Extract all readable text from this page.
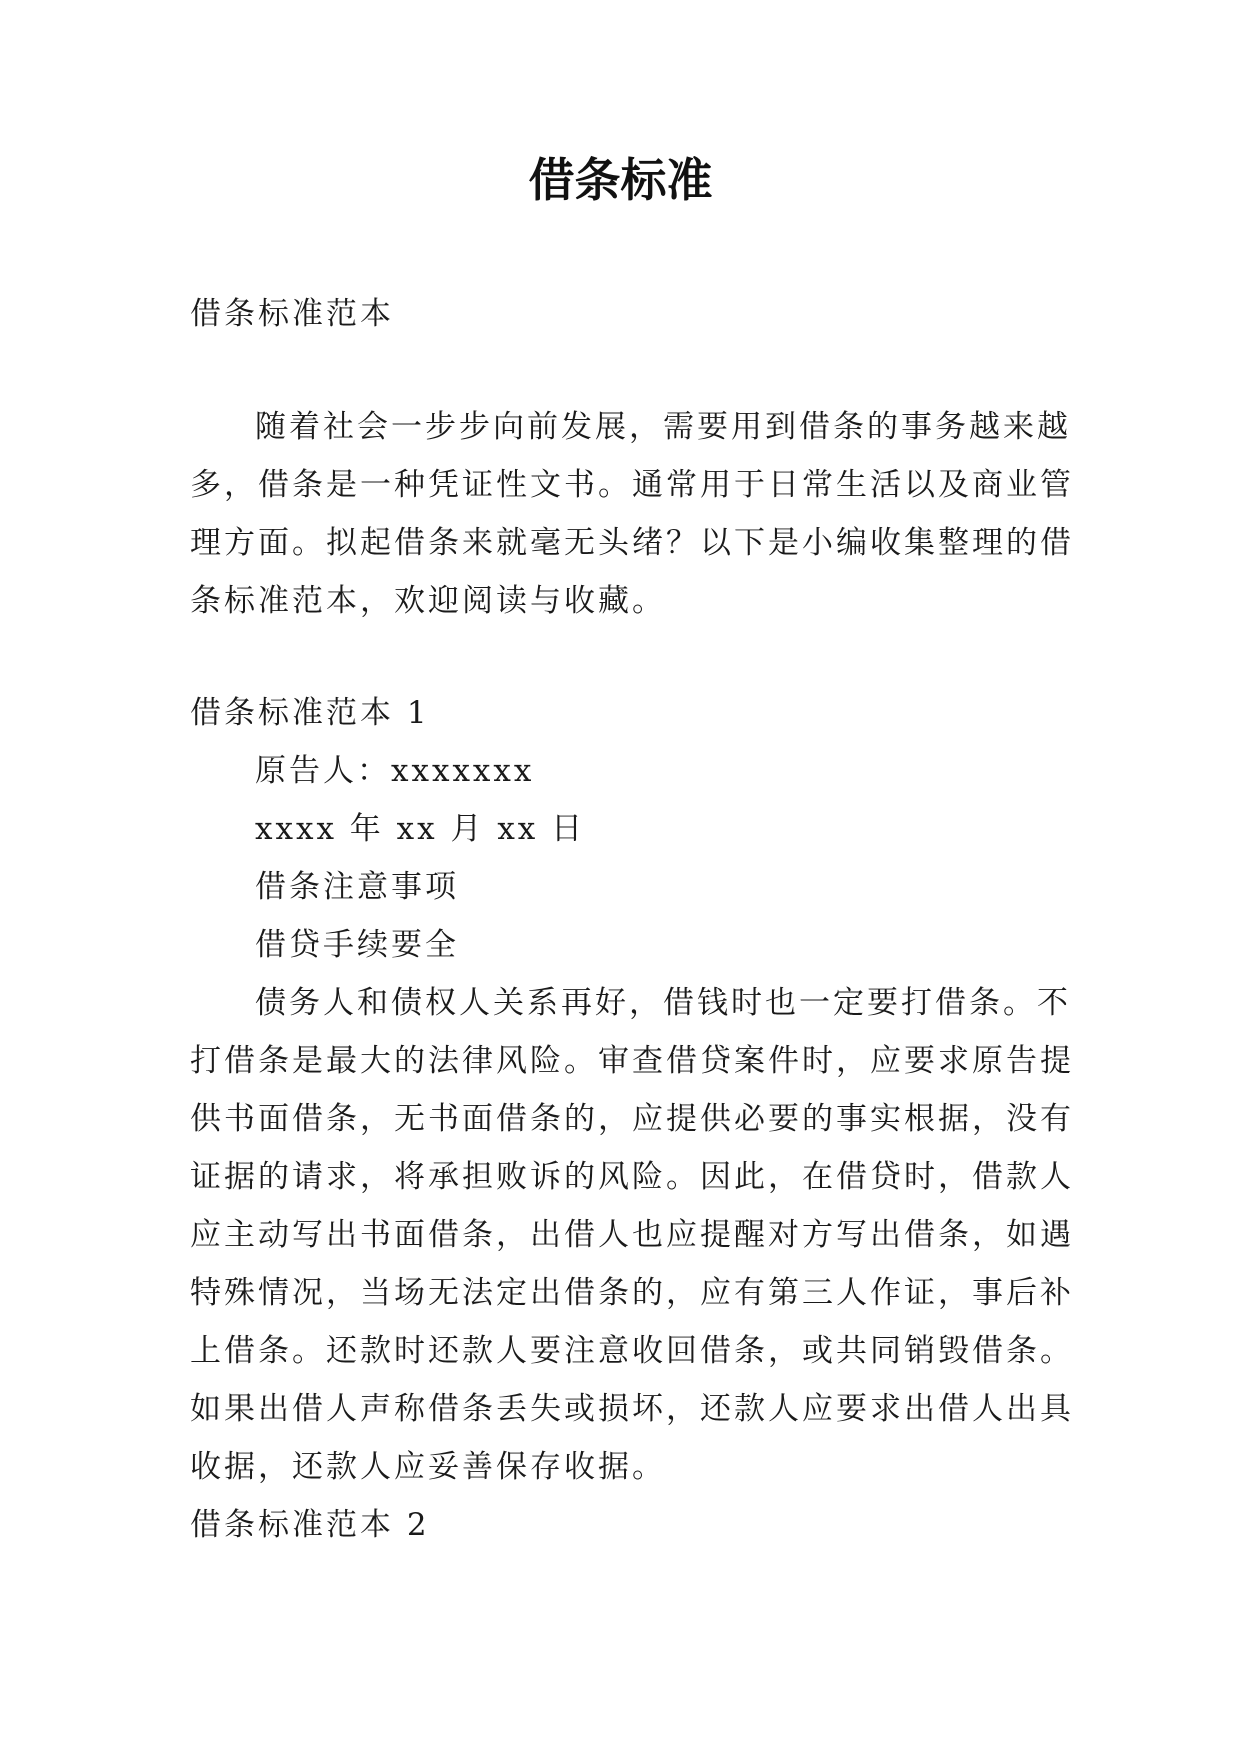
借条标准
借条标准范本
随着社会一步步向前发展，需要用到借条的事务越来越
多，借条是一种凭证性文书。通常用于日常生活以及商业管
理方面。拟起借条来就毫无头绪？以下是小编收集整理的借
条标准范本，欢迎阅读与收藏。
借条标准范本 1
原告人：xxxxxxx
xxxx 年 xx 月 xx 日
借条注意事项
借贷手续要全
债务人和债权人关系再好，借钱时也一定要打借条。不
打借条是最大的法律风险。审查借贷案件时，应要求原告提
供书面借条，无书面借条的，应提供必要的事实根据，没有
证据的请求，将承担败诉的风险。因此，在借贷时，借款人
应主动写出书面借条，出借人也应提醒对方写出借条，如遇
特殊情况，当场无法定出借条的，应有第三人作证，事后补
上借条。还款时还款人要注意收回借条，或共同销毁借条。
如果出借人声称借条丢失或损坏，还款人应要求出借人出具
收据，还款人应妥善保存收据。
借条标准范本 2
